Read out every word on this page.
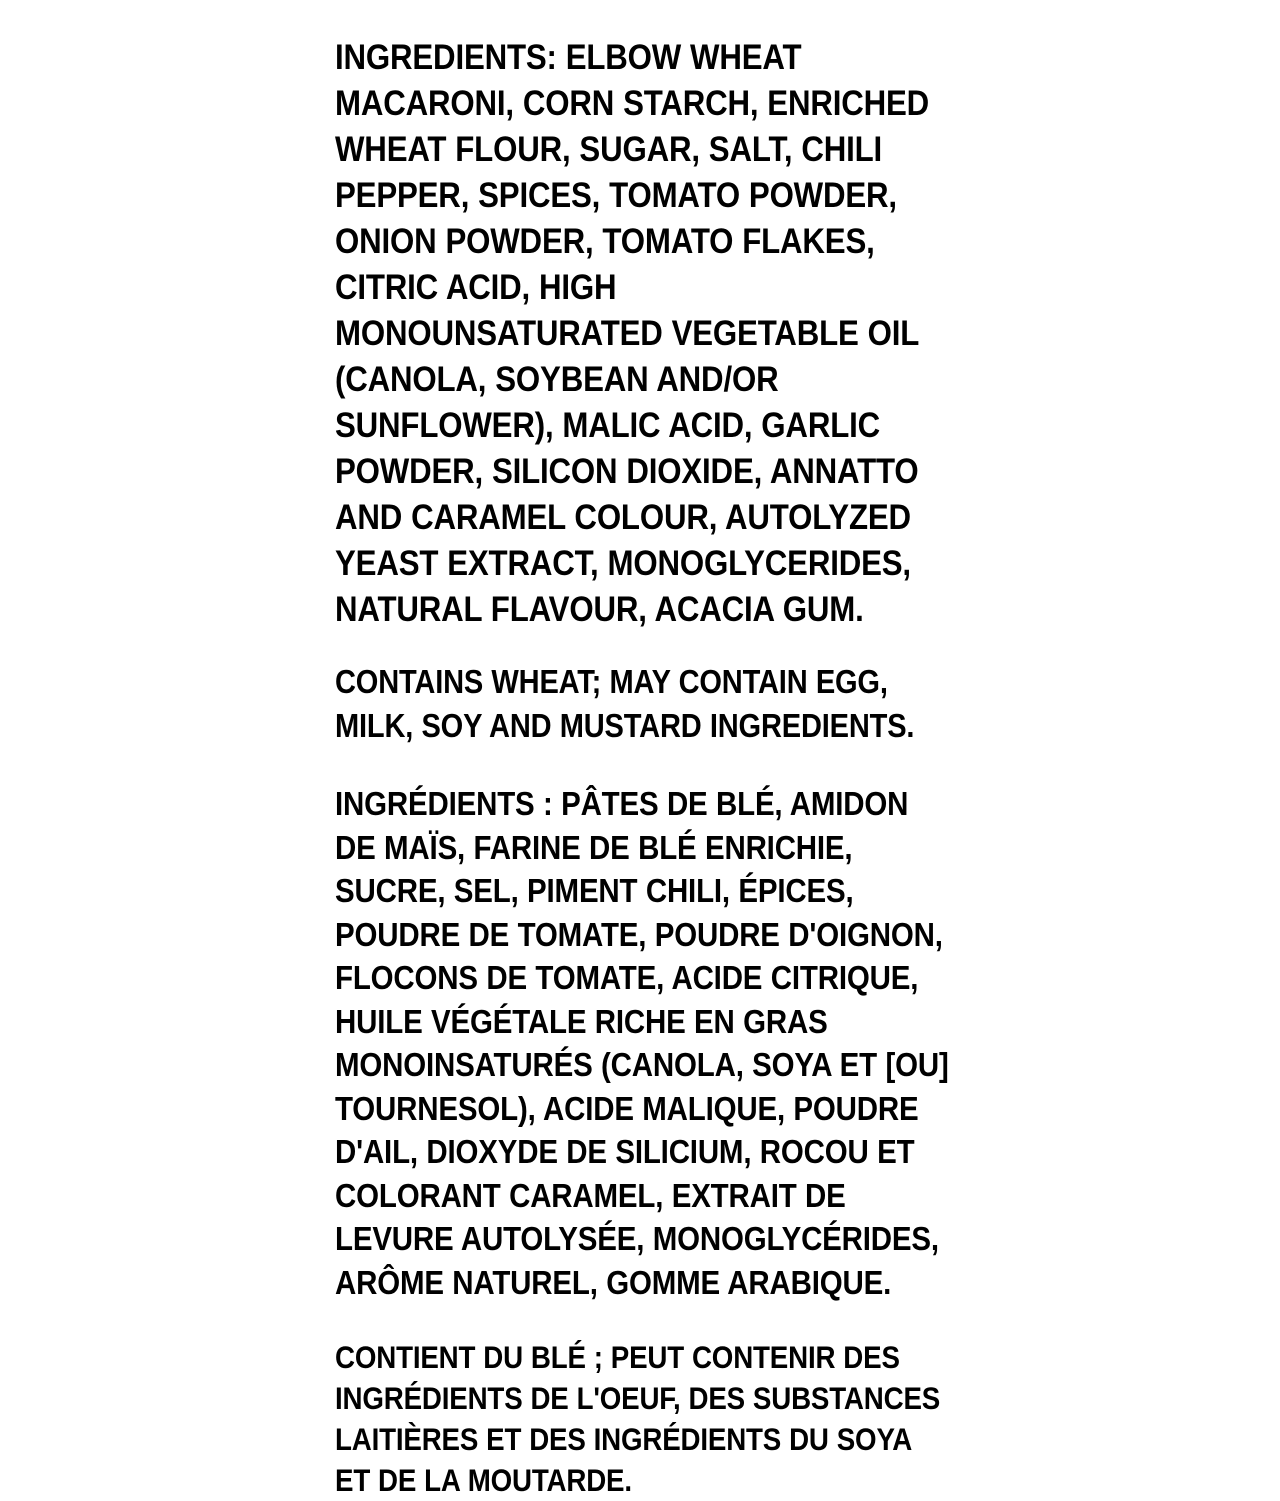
INGREDIENTS: ELBOW WHEAT MACARONI, CORN STARCH, ENRICHED WHEAT FLOUR, SUGAR, SALT, CHILI PEPPER, SPICES, TOMATO POWDER, ONION POWDER, TOMATO FLAKES, CITRIC ACID, HIGH MONOUNSATURATED VEGETABLE OIL (CANOLA, SOYBEAN AND/OR SUNFLOWER), MALIC ACID, GARLIC POWDER, SILICON DIOXIDE, ANNATTO AND CARAMEL COLOUR, AUTOLYZED YEAST EXTRACT, MONOGLYCERIDES, NATURAL FLAVOUR, ACACIA GUM.
CONTAINS WHEAT; MAY CONTAIN EGG, MILK, SOY AND MUSTARD INGREDIENTS.
INGRÉDIENTS : PÂTES DE BLÉ, AMIDON DE MAÏS, FARINE DE BLÉ ENRICHIE, SUCRE, SEL, PIMENT CHILI, ÉPICES, POUDRE DE TOMATE, POUDRE D'OIGNON, FLOCONS DE TOMATE, ACIDE CITRIQUE, HUILE VÉGÉTALE RICHE EN GRAS MONOINSATURÉS (CANOLA, SOYA ET [OU] TOURNESOL), ACIDE MALIQUE, POUDRE D'AIL, DIOXYDE DE SILICIUM, ROCOU ET COLORANT CARAMEL, EXTRAIT DE LEVURE AUTOLYSÉE, MONOGLYCÉRIDES, ARÔME NATUREL, GOMME ARABIQUE.
CONTIENT DU BLÉ ; PEUT CONTENIR DES INGRÉDIENTS DE L'OEUF, DES SUBSTANCES LAITIÈRES ET DES INGRÉDIENTS DU SOYA ET DE LA MOUTARDE.
